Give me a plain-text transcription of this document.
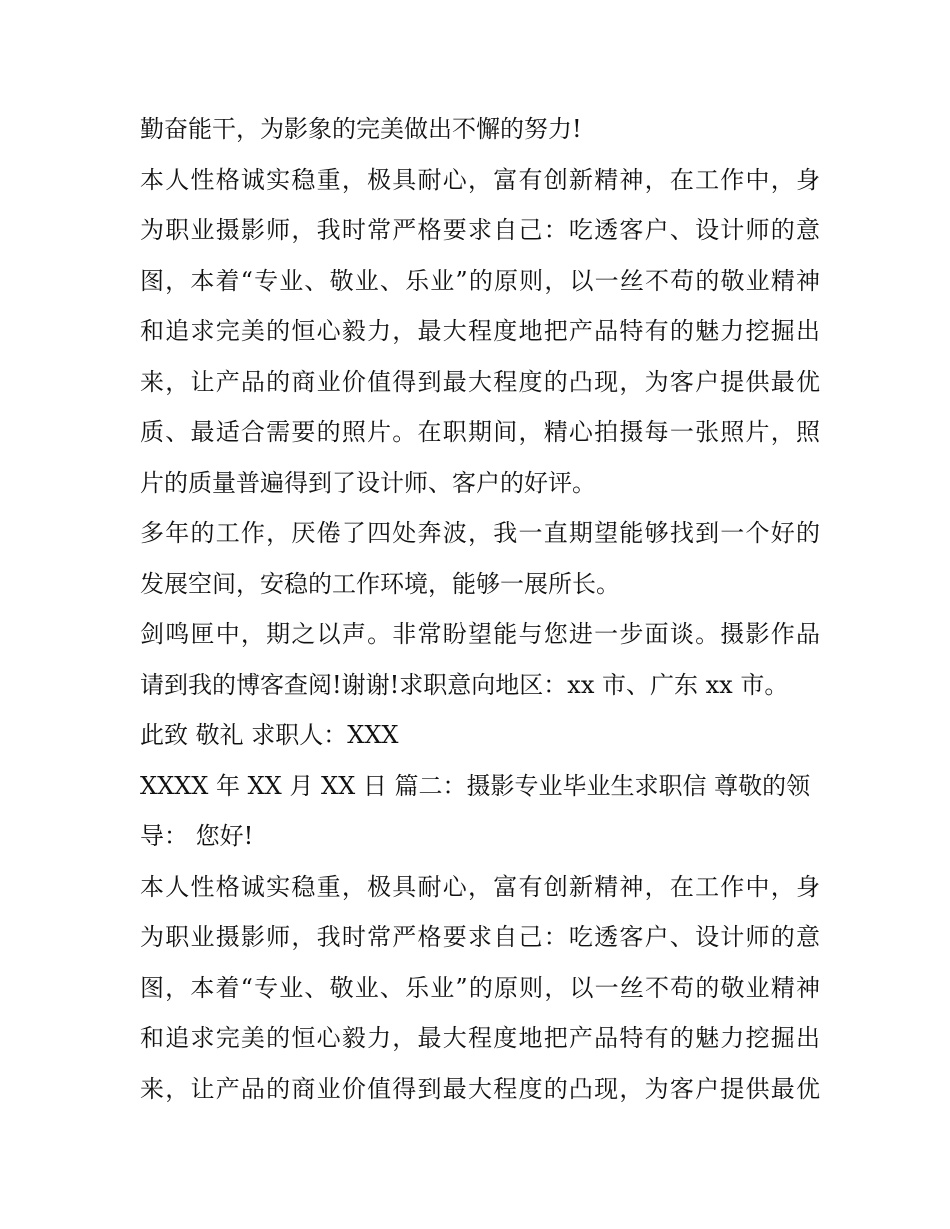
勤奋能干，为影象的完美做出不懈的努力!
本人性格诚实稳重，极具耐心，富有创新精神，在工作中，身
为职业摄影师，我时常严格要求自己：吃透客户、设计师的意
图，本着“专业、敬业、乐业”的原则，以一丝不苟的敬业精神
和追求完美的恒心毅力，最大程度地把产品特有的魅力挖掘出
来，让产品的商业价值得到最大程度的凸现，为客户提供最优
质、最适合需要的照片。在职期间，精心拍摄每一张照片，照
片的质量普遍得到了设计师、客户的好评。
多年的工作，厌倦了四处奔波，我一直期望能够找到一个好的
发展空间，安稳的工作环境，能够一展所长。
剑鸣匣中，期之以声。非常盼望能与您进一步面谈。摄影作品
请到我的博客查阅!谢谢!求职意向地区：xx 市、广东 xx 市。
此致 敬礼 求职人：XXX
XXXX 年 XX 月 XX 日 篇二：摄影专业毕业生求职信 尊敬的领
导： 您好!
本人性格诚实稳重，极具耐心，富有创新精神，在工作中，身
为职业摄影师，我时常严格要求自己：吃透客户、设计师的意
图，本着“专业、敬业、乐业”的原则，以一丝不苟的敬业精神
和追求完美的恒心毅力，最大程度地把产品特有的魅力挖掘出
来，让产品的商业价值得到最大程度的凸现，为客户提供最优
